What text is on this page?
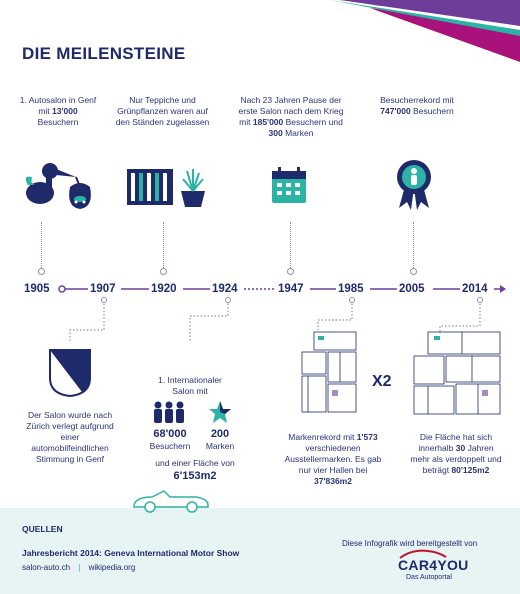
DIE MEILENSTEINE
1. Autosalon in Genf mit 13'000 Besuchern
Nur Teppiche und Grünpflanzen waren auf den Ständen zugelassen
Nach 23 Jahren Pause der erste Salon nach dem Krieg mit 185'000 Besuchern und 300 Marken
Besucherrekord mit 747'000 Besuchern
1905	1907	1920	1924	1947	1985	2005	2014
Der Salon wurde nach Zürich verlegt aufgrund einer automobilfeindlichen Stimmung in Genf
1. Internationaler Salon mit
68'000
Besuchern
200
Marken
und einer Fläche von
6'153m2
X2
Markenrekord mit 1'573 verschiedenen Ausstellermarken. Es gab nur vier Hallen bei 37'836m2
Die Fläche hat sich innerhalb 30 Jahren mehr als verdoppelt und beträgt 80'125m2
QUELLEN
Jahresbericht 2014: Geneva International Motor Show
salon-auto.ch | wikipedia.org
Diese Infografik wird bereitgestellt von
CAR4YOU
Das Autoportal
